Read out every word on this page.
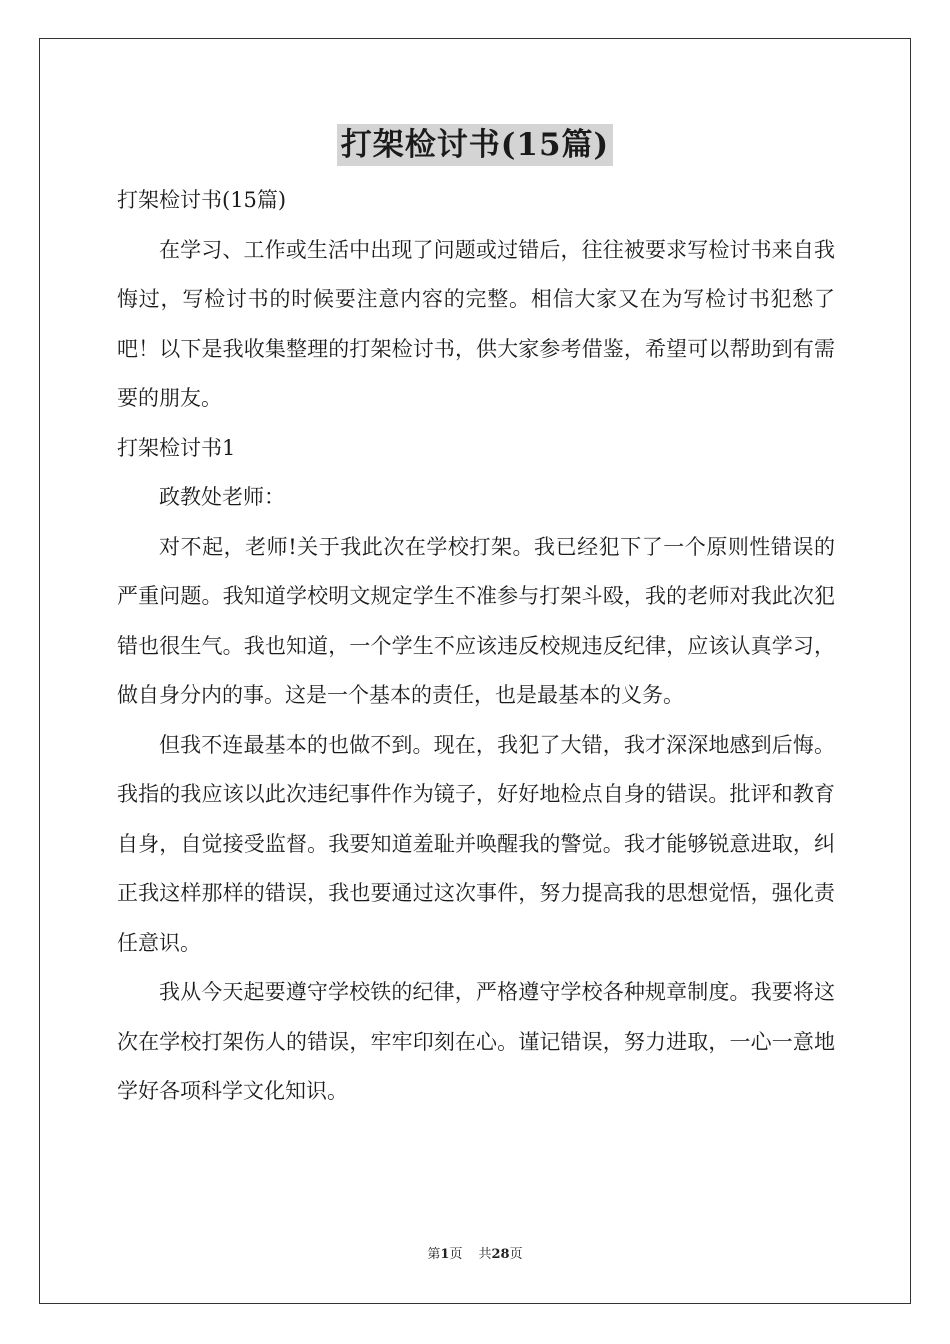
打架检讨书(15篇)

打架检讨书(15篇)

在学习、工作或生活中出现了问题或过错后，往往被要求写检讨书来自我悔过，写检讨书的时候要注意内容的完整。相信大家又在为写检讨书犯愁了吧！以下是我收集整理的打架检讨书，供大家参考借鉴，希望可以帮助到有需要的朋友。

打架检讨书1

政教处老师：

对不起，老师!关于我此次在学校打架。我已经犯下了一个原则性错误的严重问题。我知道学校明文规定学生不准参与打架斗殴，我的老师对我此次犯错也很生气。我也知道，一个学生不应该违反校规违反纪律，应该认真学习，做自身分内的事。这是一个基本的责任，也是最基本的义务。

但我不连最基本的也做不到。现在，我犯了大错，我才深深地感到后悔。我指的我应该以此次违纪事件作为镜子，好好地检点自身的错误。批评和教育自身，自觉接受监督。我要知道羞耻并唤醒我的警觉。我才能够锐意进取，纠正我这样那样的错误，我也要通过这次事件，努力提高我的思想觉悟，强化责任意识。

我从今天起要遵守学校铁的纪律，严格遵守学校各种规章制度。我要将这次在学校打架伤人的错误，牢牢印刻在心。谨记错误，努力进取，一心一意地学好各项科学文化知识。

第1页 共28页
